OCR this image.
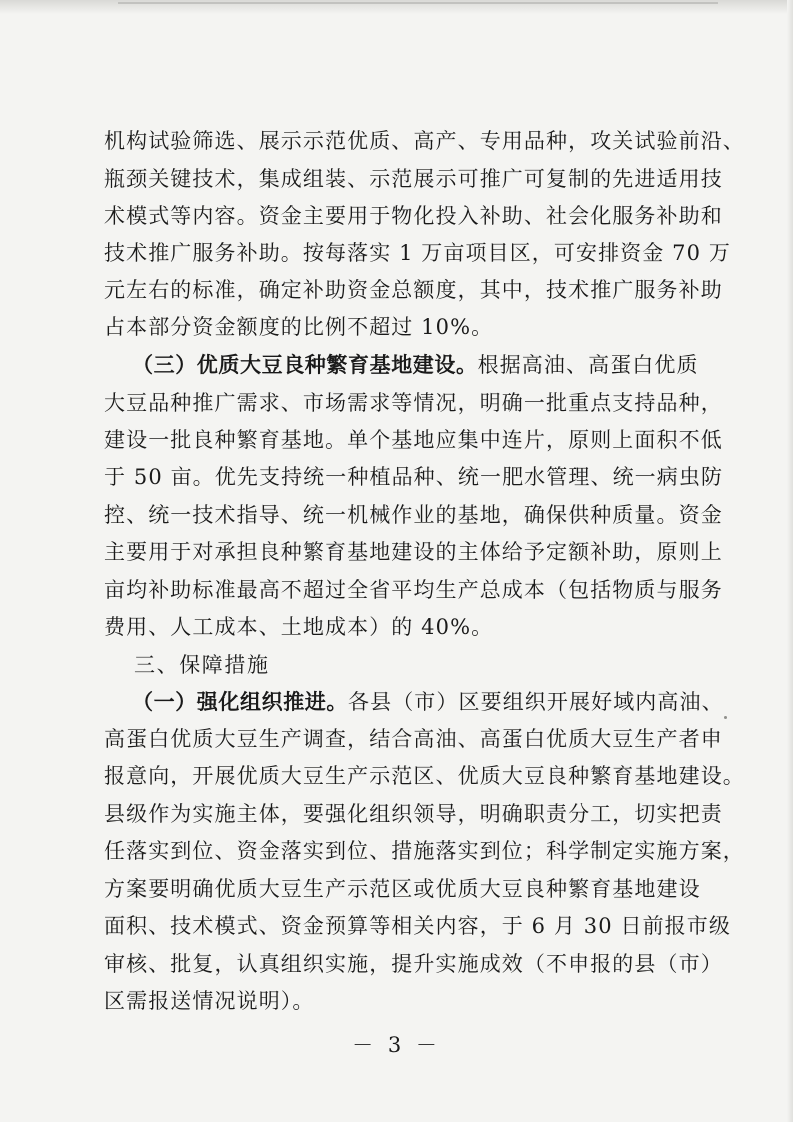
机构试验筛选、展示示范优质、高产、专用品种，攻关试验前沿、
瓶颈关键技术，集成组装、示范展示可推广可复制的先进适用技
术模式等内容。资金主要用于物化投入补助、社会化服务补助和
技术推广服务补助。按每落实 1 万亩项目区，可安排资金 70 万
元左右的标准，确定补助资金总额度，其中，技术推广服务补助
占本部分资金额度的比例不超过 10%。
（三）优质大豆良种繁育基地建设。根据高油、高蛋白优质
大豆品种推广需求、市场需求等情况，明确一批重点支持品种，
建设一批良种繁育基地。单个基地应集中连片，原则上面积不低
于 50 亩。优先支持统一种植品种、统一肥水管理、统一病虫防
控、统一技术指导、统一机械作业的基地，确保供种质量。资金
主要用于对承担良种繁育基地建设的主体给予定额补助，原则上
亩均补助标准最高不超过全省平均生产总成本（包括物质与服务
费用、人工成本、土地成本）的 40%。
三、保障措施
（一）强化组织推进。各县（市）区要组织开展好域内高油、
高蛋白优质大豆生产调查，结合高油、高蛋白优质大豆生产者申
报意向，开展优质大豆生产示范区、优质大豆良种繁育基地建设。
县级作为实施主体，要强化组织领导，明确职责分工，切实把责
任落实到位、资金落实到位、措施落实到位；科学制定实施方案，
方案要明确优质大豆生产示范区或优质大豆良种繁育基地建设
面积、技术模式、资金预算等相关内容，于 6 月 30 日前报市级
审核、批复，认真组织实施，提升实施成效（不申报的县（市）
区需报送情况说明）。
－ 3 －
